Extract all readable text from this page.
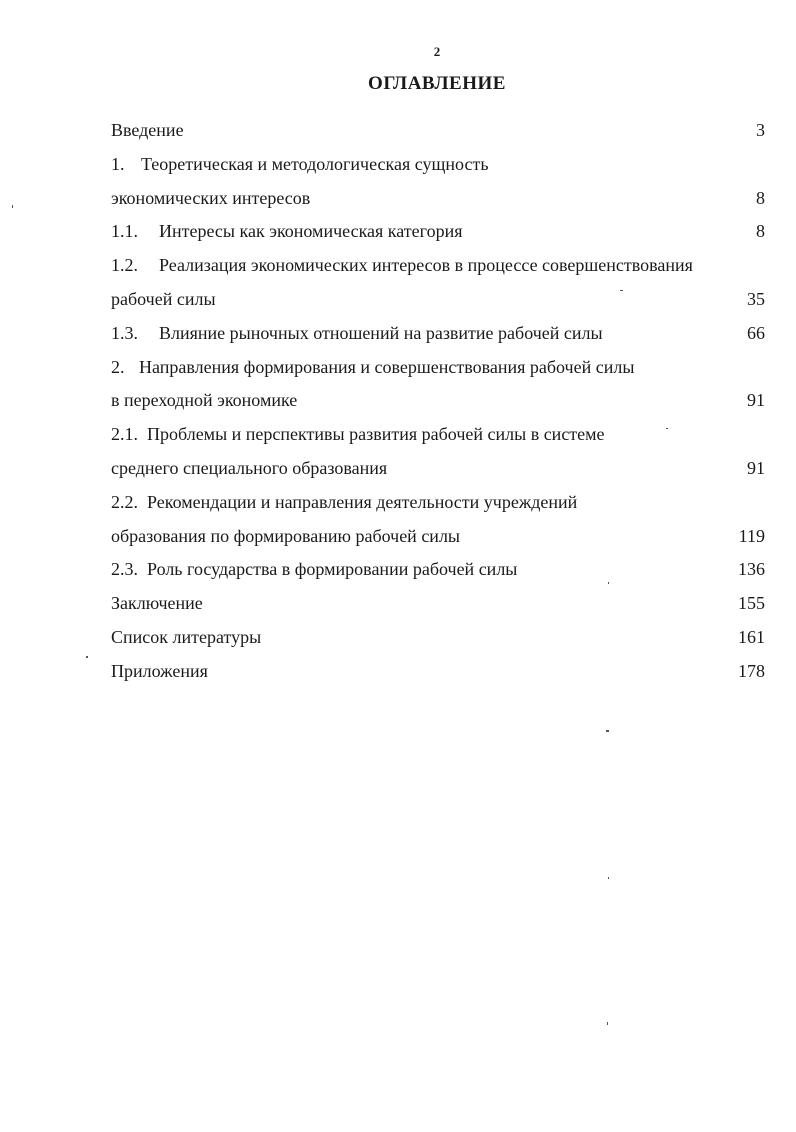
2
ОГЛАВЛЕНИЕ
Введение	3
1. Теоретическая и методологическая сущность
экономических интересов	8
1.1. Интересы как экономическая категория	8
1.2. Реализация экономических интересов в процессе совершенствования
рабочей силы	35
1.3. Влияние рыночных отношений на развитие рабочей силы	66
2. Направления формирования и совершенствования рабочей силы
в переходной экономике	91
2.1. Проблемы и перспективы развития рабочей силы в системе
среднего специального образования	91
2.2. Рекомендации и направления деятельности учреждений
образования по формированию рабочей силы	119
2.3. Роль государства в формировании рабочей силы	136
Заключение	155
Список литературы	161
Приложения	178
